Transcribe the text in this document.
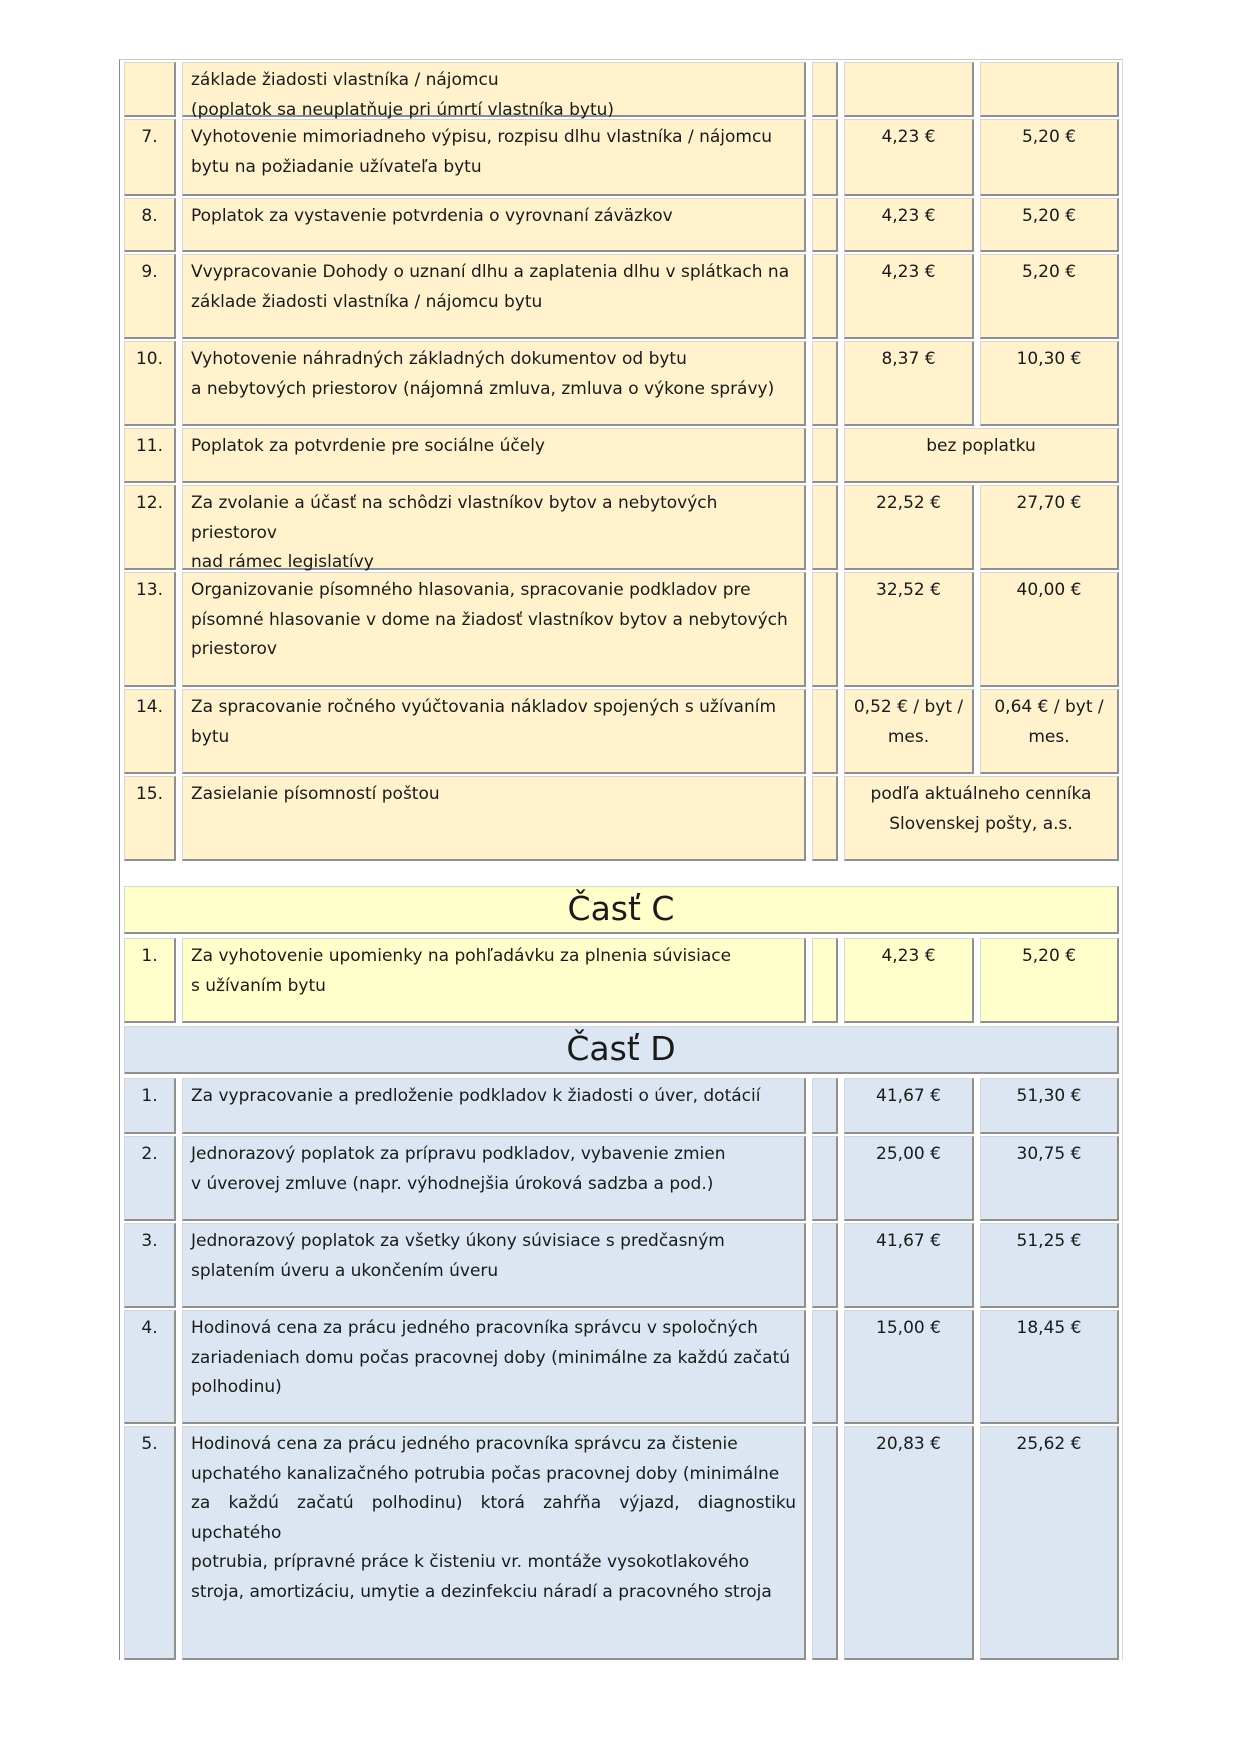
základe žiadosti vlastníka / nájomcu
(poplatok sa neuplatňuje pri úmrtí vlastníka bytu)
7.	Vyhotovenie mimoriadneho výpisu, rozpisu dlhu vlastníka / nájomcu
bytu na požiadanie užívateľa bytu
4,23 €	5,20 €
8.	Poplatok za vystavenie potvrdenia o vyrovnaní záväzkov	4,23 €	5,20 €
9.	Vvypracovanie Dohody o uznaní dlhu a zaplatenia dlhu v splátkach na
základe žiadosti vlastníka / nájomcu bytu
4,23 €	5,20 €
10.	Vyhotovenie náhradných základných dokumentov od bytu
a nebytových priestorov (nájomná zmluva, zmluva o výkone správy)
8,37 €	10,30 €
11.	Poplatok za potvrdenie pre sociálne účely	bez poplatku
12.	Za zvolanie a účasť na schôdzi vlastníkov bytov a nebytových priestorov
nad rámec legislatívy
22,52 €	27,70 €
13.	Organizovanie písomného hlasovania, spracovanie podkladov pre
písomné hlasovanie v dome na žiadosť vlastníkov bytov a nebytových
priestorov
32,52 €	40,00 €
14.	Za spracovanie ročného vyúčtovania nákladov spojených s užívaním
bytu
0,52 € / byt /
mes.
0,64 € / byt /
mes.
15.	Zasielanie písomností poštou	podľa aktuálneho cenníka
Slovenskej pošty, a.s.
Časť C
1.	Za vyhotovenie upomienky na pohľadávku za plnenia súvisiace
s užívaním bytu
4,23 €	5,20 €
Časť D
1.	Za vypracovanie a predloženie podkladov k žiadosti o úver, dotácií	41,67 €	51,30 €
2.	Jednorazový poplatok za prípravu podkladov, vybavenie zmien
v úverovej zmluve (napr. výhodnejšia úroková sadzba a pod.)
25,00 €	30,75 €
3.	Jednorazový poplatok za všetky úkony súvisiace s predčasným
splatením úveru a ukončením úveru
41,67 €	51,25 €
4.	Hodinová cena za prácu jedného pracovníka správcu v spoločných
zariadeniach domu počas pracovnej doby (minimálne za každú začatú
polhodinu)
15,00 €	18,45 €
5.	Hodinová cena za prácu jedného pracovníka správcu za čistenie
upchatého kanalizačného potrubia počas pracovnej doby (minimálne
za každú začatú polhodinu) ktorá zahŕňa výjazd, diagnostiku upchatého
potrubia, prípravné práce k čisteniu vr. montáže vysokotlakového
stroja, amortizáciu, umytie a dezinfekciu náradí a pracovného stroja
20,83 €	25,62 €
